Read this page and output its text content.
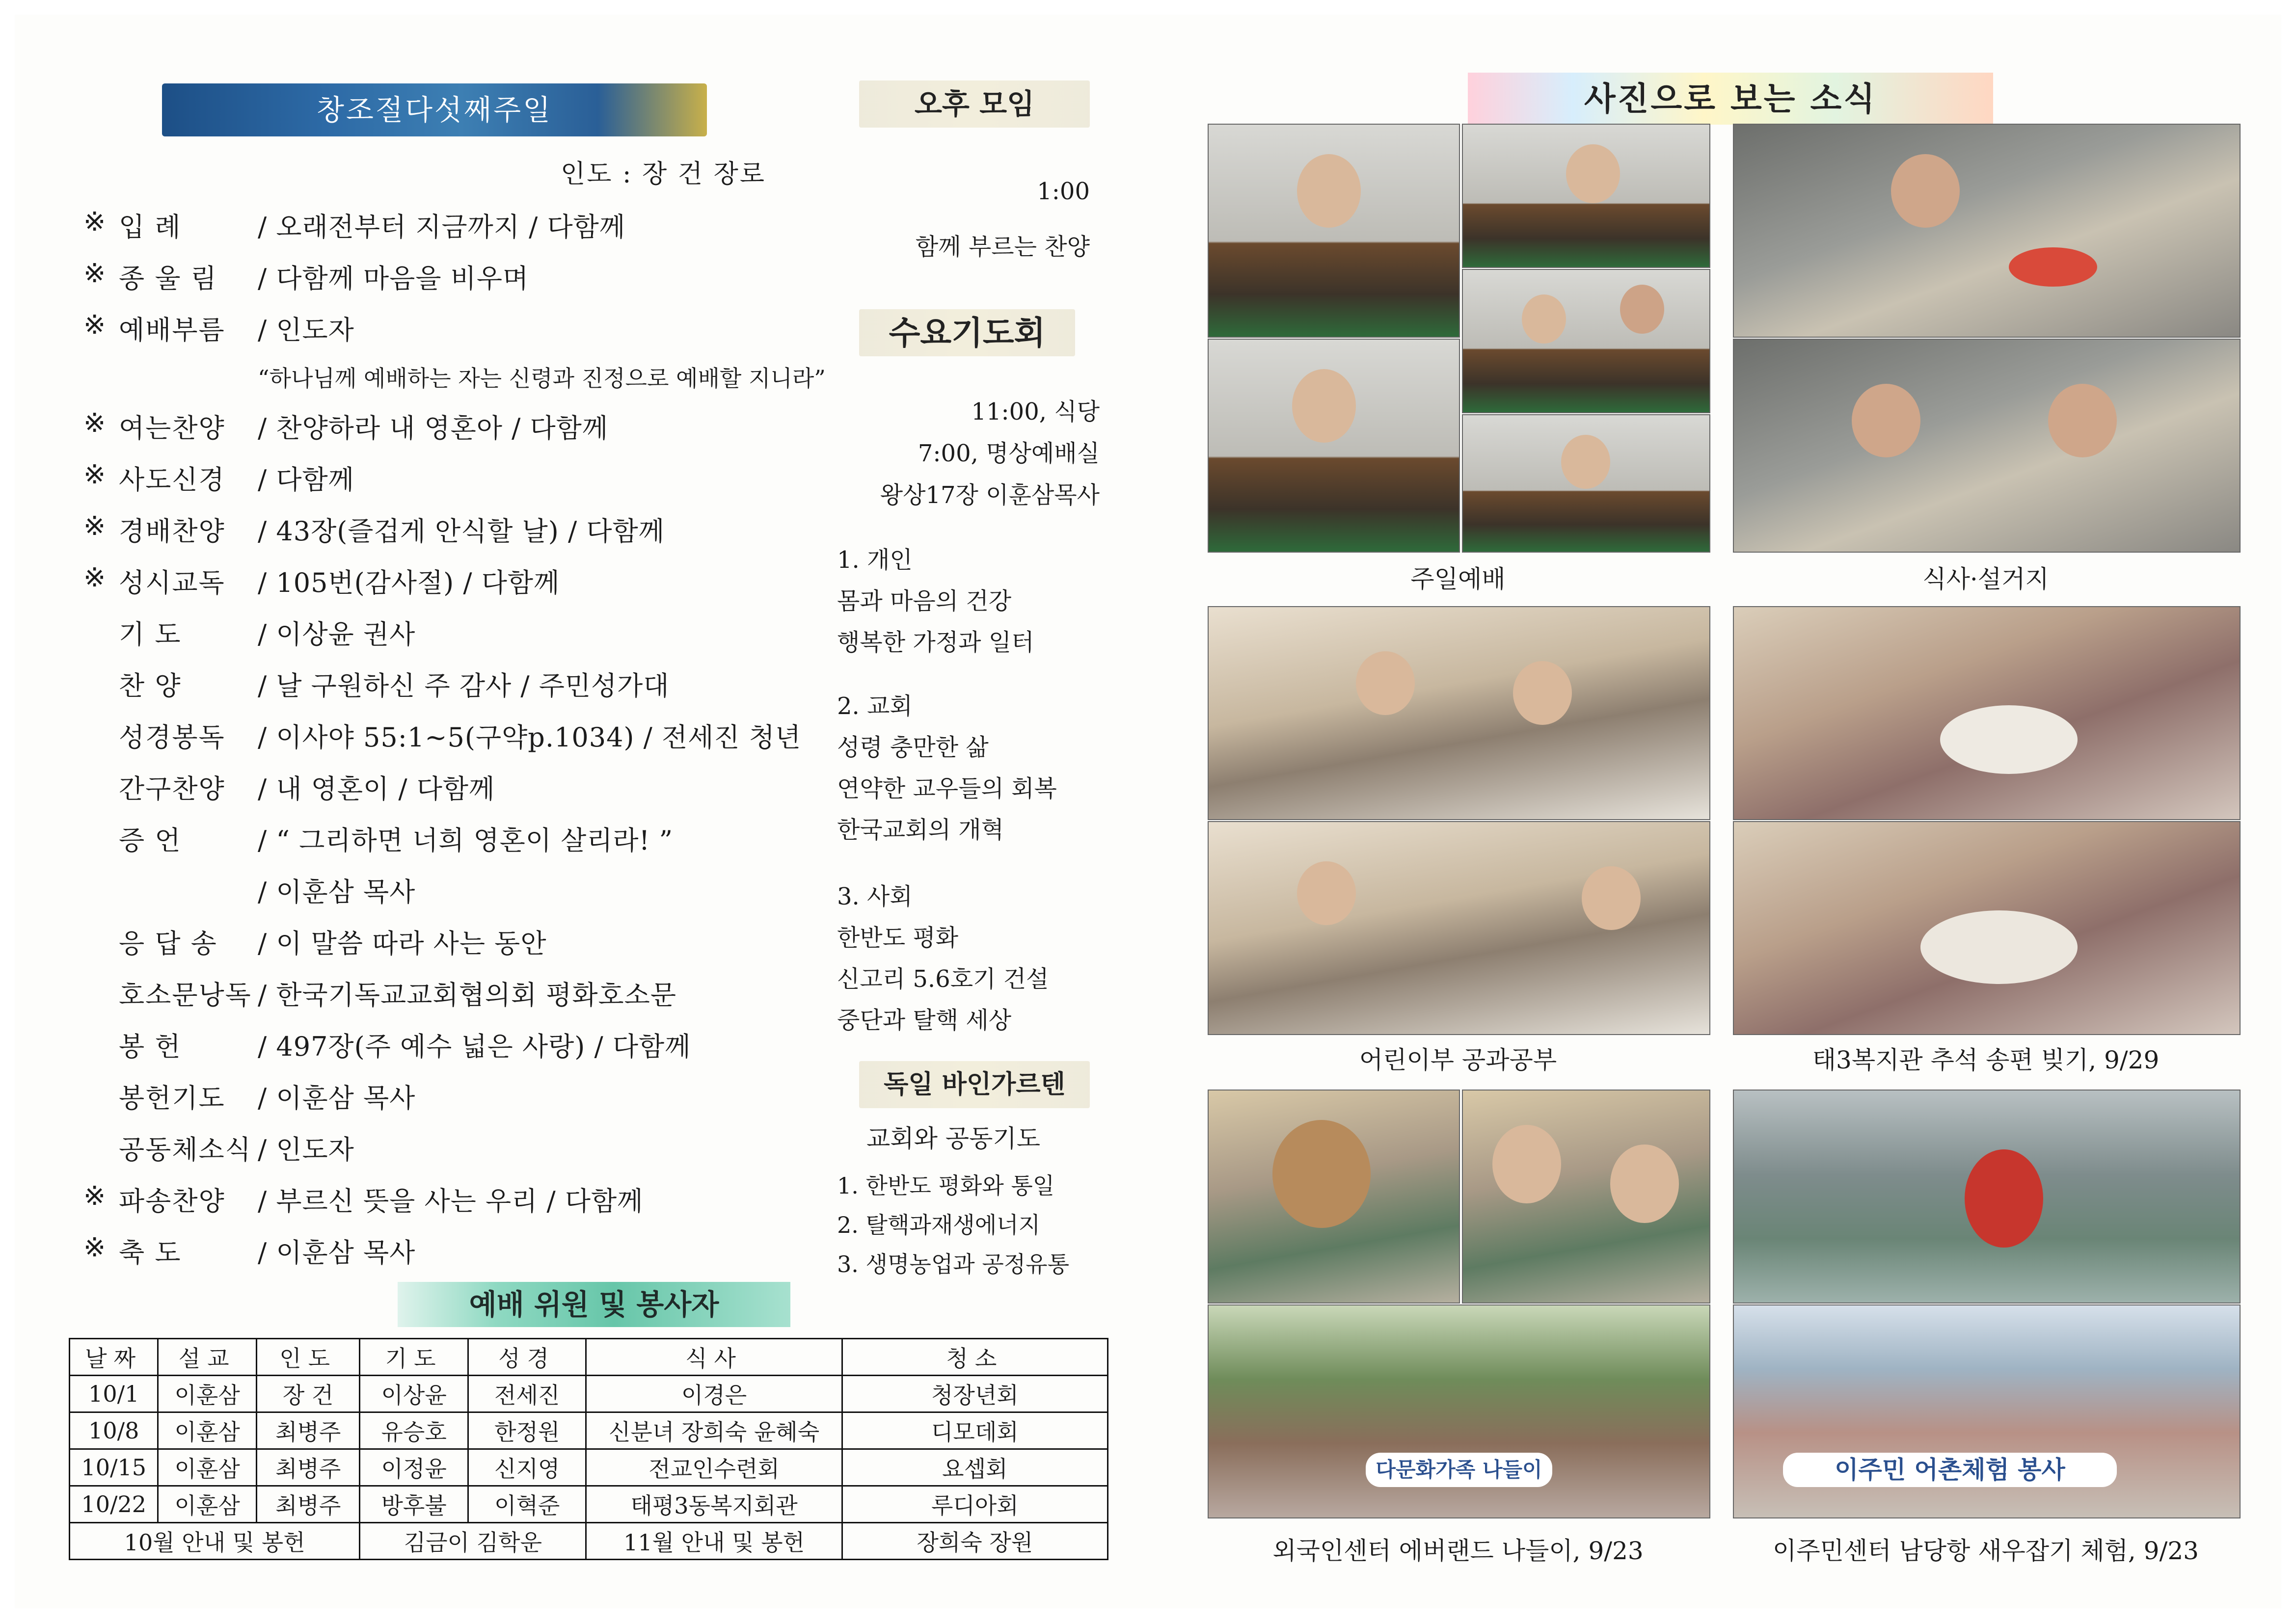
창조절다섯째주일
인도 : 장 건 장로
※ 입 례	/ 오래전부터 지금까지 / 다함께
※ 종 울 림	/ 다함께 마음을 비우며
※ 예배부름	/ 인도자
※ 여는찬양	/ 찬양하라 내 영혼아 / 다함께
※ 사도신경	/ 다함께
※ 경배찬양	/ 43장(즐겁게 안식할 날) / 다함께
※ 성시교독	/ 105번(감사절) / 다함께
기 도	/ 이상윤 권사
찬 양	/ 날 구원하신 주 감사 / 주민성가대
성경봉독	/ 이사야 55:1~5(구약p.1034) / 전세진 청년
간구찬양	/ 내 영혼이 / 다함께
증 언	/ “ 그리하면 너희 영혼이 살리라! ”
/ 이훈삼 목사
응 답 송	/ 이 말씀 따라 사는 동안
호소문낭독 / 한국기독교교회협의회 평화호소문
봉 헌	/ 497장(주 예수 넓은 사랑) / 다함께
봉헌기도	/ 이훈삼 목사
공동체소식 / 인도자
※ 파송찬양	/ 부르신 뜻을 사는 우리 / 다함께
※ 축 도	/ 이훈삼 목사
“하나님께 예배하는 자는 신령과 진정으로 예배할 지니라”
예배 위원 및 봉사자
날짜	설교	인도	기도	성경	식사	청소
10/1	이훈삼	장 건	이상윤	전세진	이경은	청장년회
10/8	이훈삼	최병주	유승호	한정원	신분녀 장희숙 윤혜숙	디모데회
10/15	이훈삼	최병주	이정윤	신지영	전교인수련회	요셉회
10/22	이훈삼	최병주	방후불	이혁준	태평3동복지회관	루디아회
10월 안내 및 봉헌			김금이 김학운		11월 안내 및 봉헌	장희숙 장원
오후 모임
1:00
함께 부르는 찬양
수요기도회
11:00, 식당
7:00, 명상예배실
왕상17장 이훈삼목사
1. 개인
몸과 마음의 건강
행복한 가정과 일터
2. 교회
성령 충만한 삶
연약한 교우들의 회복
한국교회의 개혁
3. 사회
한반도 평화
신고리 5.6호기 건설
중단과 탈핵 세상
독일 바인가르텐
교회와 공동기도
1. 한반도 평화와 통일
2. 탈핵과재생에너지
3. 생명농업과 공정유통
사진으로 보는 소식
주일예배	식사·설거지
어린이부 공과공부	태3복지관 추석 송편 빚기, 9/29
다문화가족 나들이	이주민 어촌체험 봉사
외국인센터 에버랜드 나들이, 9/23	이주민센터 남당항 새우잡기 체험, 9/23
